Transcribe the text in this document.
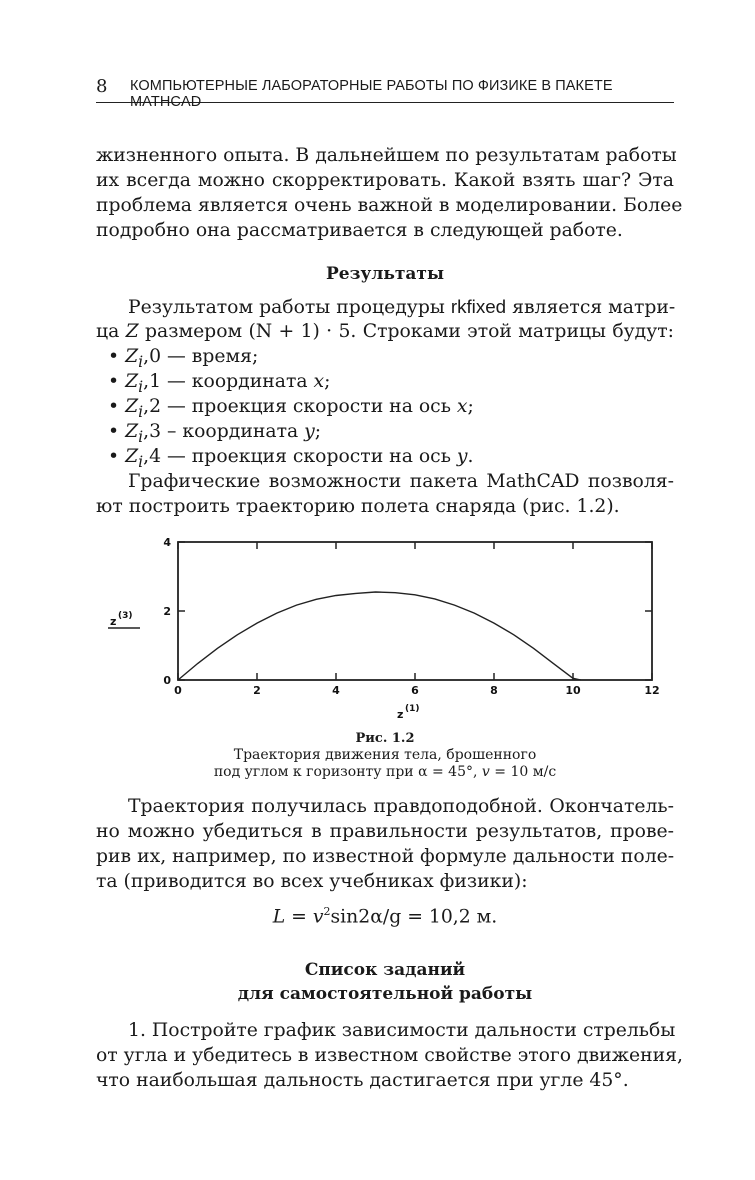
8 КОМПЬЮТЕРНЫЕ ЛАБОРАТОРНЫЕ РАБОТЫ ПО ФИЗИКЕ В ПАКЕТЕ MATHCAD
жизненного опыта. В дальнейшем по результатам работы
их всегда можно скорректировать. Какой взять шаг? Эта
проблема является очень важной в моделировании. Более
подробно она рассматривается в следующей работе.
Результаты
Результатом работы процедуры rkfixed является матри-
ца Z размером (N + 1) · 5. Строками этой матрицы будут:
• $Z_i,0$ — время;
• $Z_i,1$ — координата x;
• $Z_i,2$ — проекция скорости на ось x;
• $Z_i,3$ – координата y;
• $Z_i,4$ — проекция скорости на ось y.
Графические возможности пакета MathCAD позволя-
ют построить траекторию полета снаряда (рис. 1.2).
0	2	4	6	8	10	12
0
2
4
z (1)
z (3)
Рис. 1.2
Траектория движения тела, брошенного
под углом к горизонту при α = 45°, v = 10 м/с
Траектория получилась правдоподобной. Окончатель-
но можно убедиться в правильности результатов, прове-
рив их, например, по известной формуле дальности поле-
та (приводится во всех учебниках физики):
$L = v^2\sin 2\alpha/g = 10,2$ м.
Список заданий
для самостоятельной работы
1. Постройте график зависимости дальности стрельбы
от угла и убедитесь в известном свойстве этого движения,
что наибольшая дальность дастигается при угле 45°.
